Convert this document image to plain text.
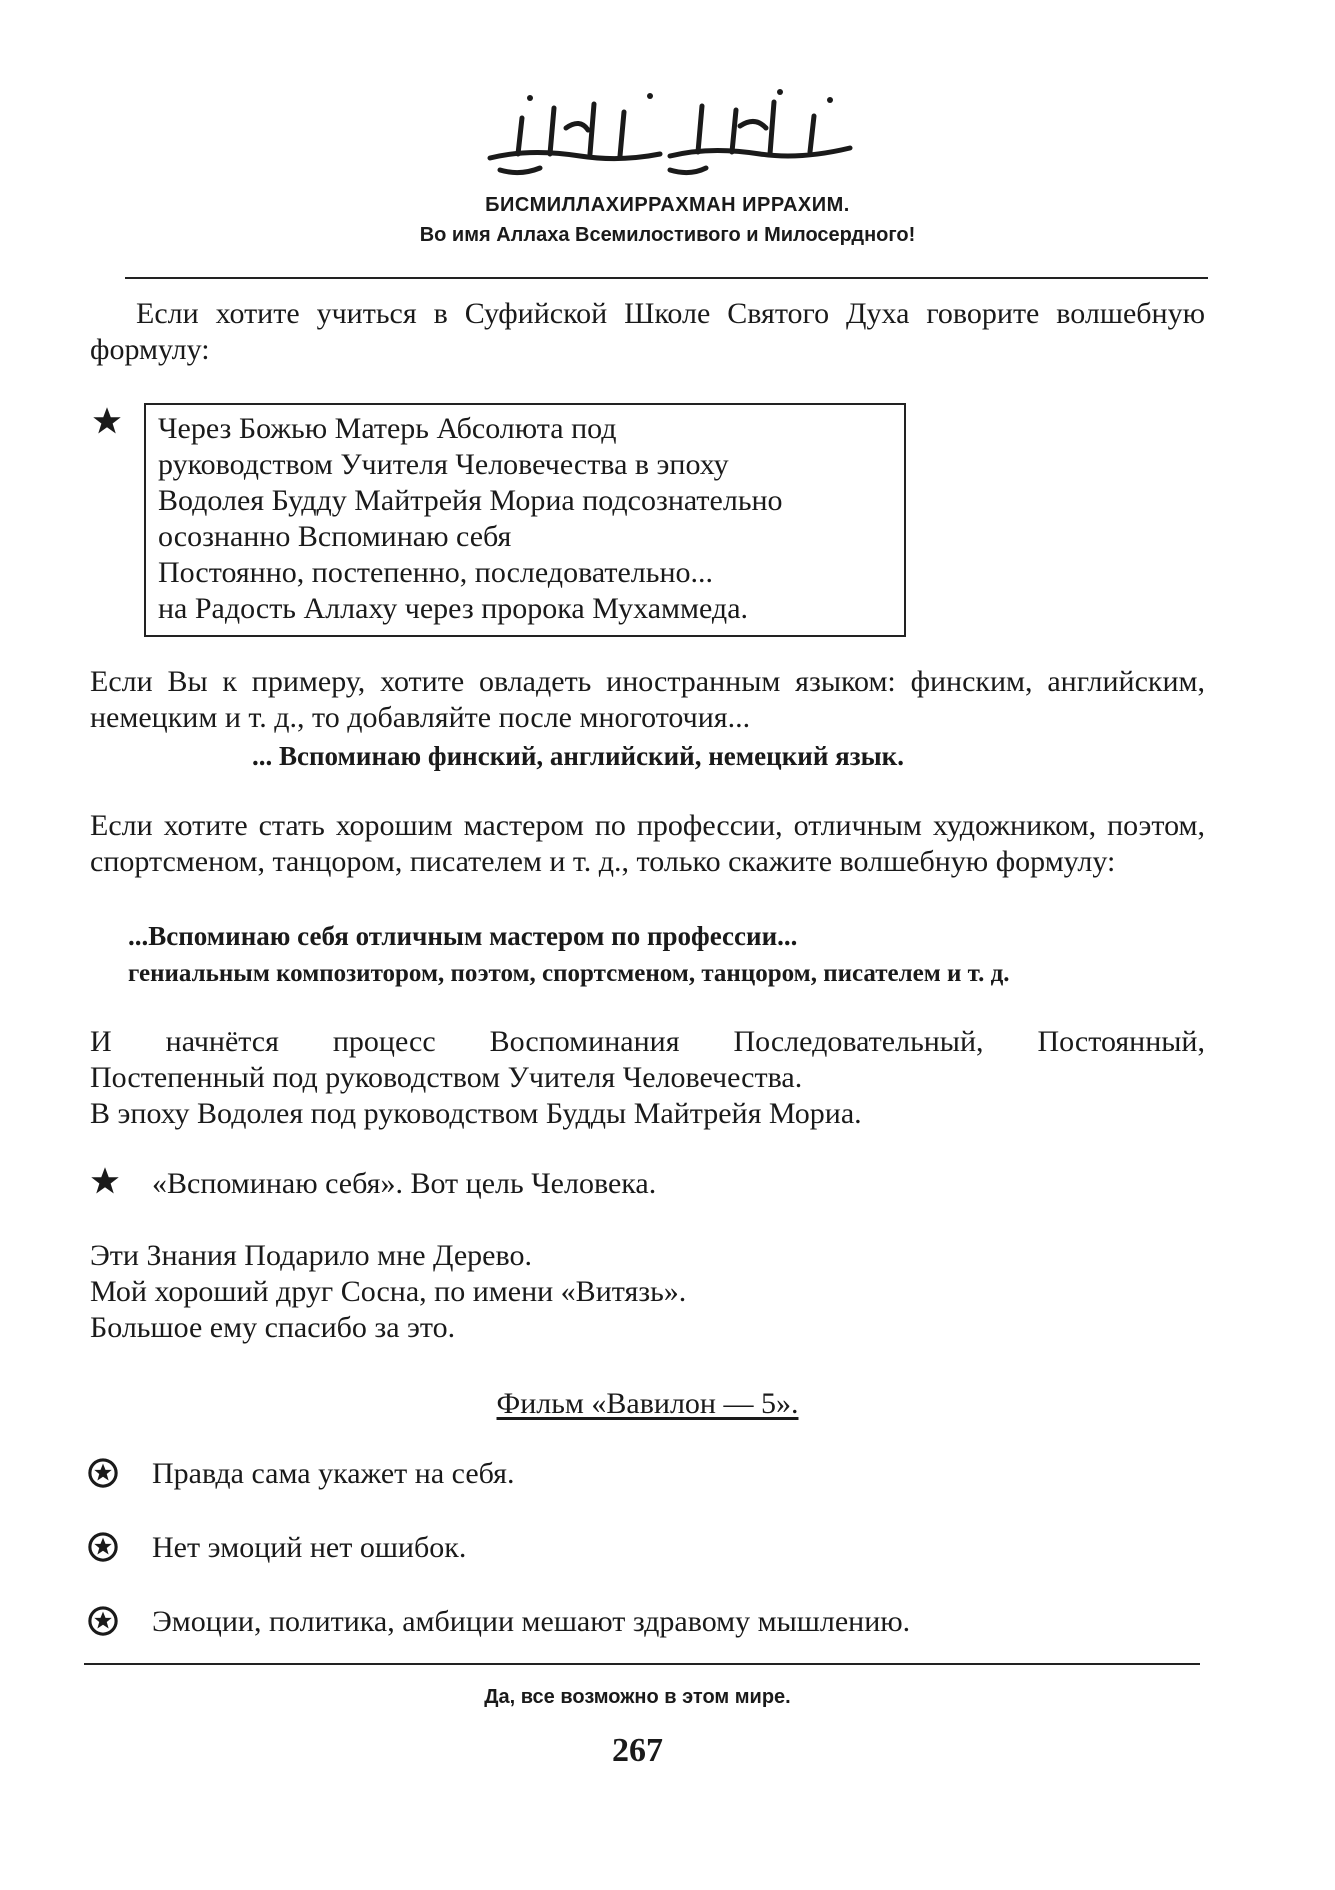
БИСМИЛЛАХИРРАХМАН ИРРАХИМ.
Во имя Аллаха Всемилостивого и Милосердного!
Если хотите учиться в Суфийской Школе Святого Духа говорите волшебную формулу:
Через Божью Матерь Абсолюта под
руководством Учителя Человечества в эпоху
Водолея Будду Майтрейя Мориа подсознательно
осознанно Вспоминаю себя
Постоянно, постепенно, последовательно...
на Радость Аллаху через пророка Мухаммеда.
Если Вы к примеру, хотите овладеть иностранным языком: финским, английским, немецким и т. д., то добавляйте после многоточия...
... Вспоминаю финский, английский, немецкий язык.
Если хотите стать хорошим мастером по профессии, отличным художником, поэтом, спортсменом, танцором, писателем и т. д., только скажите волшебную формулу:
...Вспоминаю себя отличным мастером по профессии...
гениальным композитором, поэтом, спортсменом, танцором, писателем и т. д.
И начнётся процесс Воспоминания Последовательный, Постоянный,
Постепенный под руководством Учителя Человечества.
В эпоху Водолея под руководством Будды Майтрейя Мориа.
«Вспоминаю себя». Вот цель Человека.
Эти Знания Подарило мне Дерево.
Мой хороший друг Сосна, по имени «Витязь».
Большое ему спасибо за это.
Фильм «Вавилон — 5».
Правда сама укажет на себя.
Нет эмоций нет ошибок.
Эмоции, политика, амбиции мешают здравому мышлению.
Да, все возможно в этом мире.
267
